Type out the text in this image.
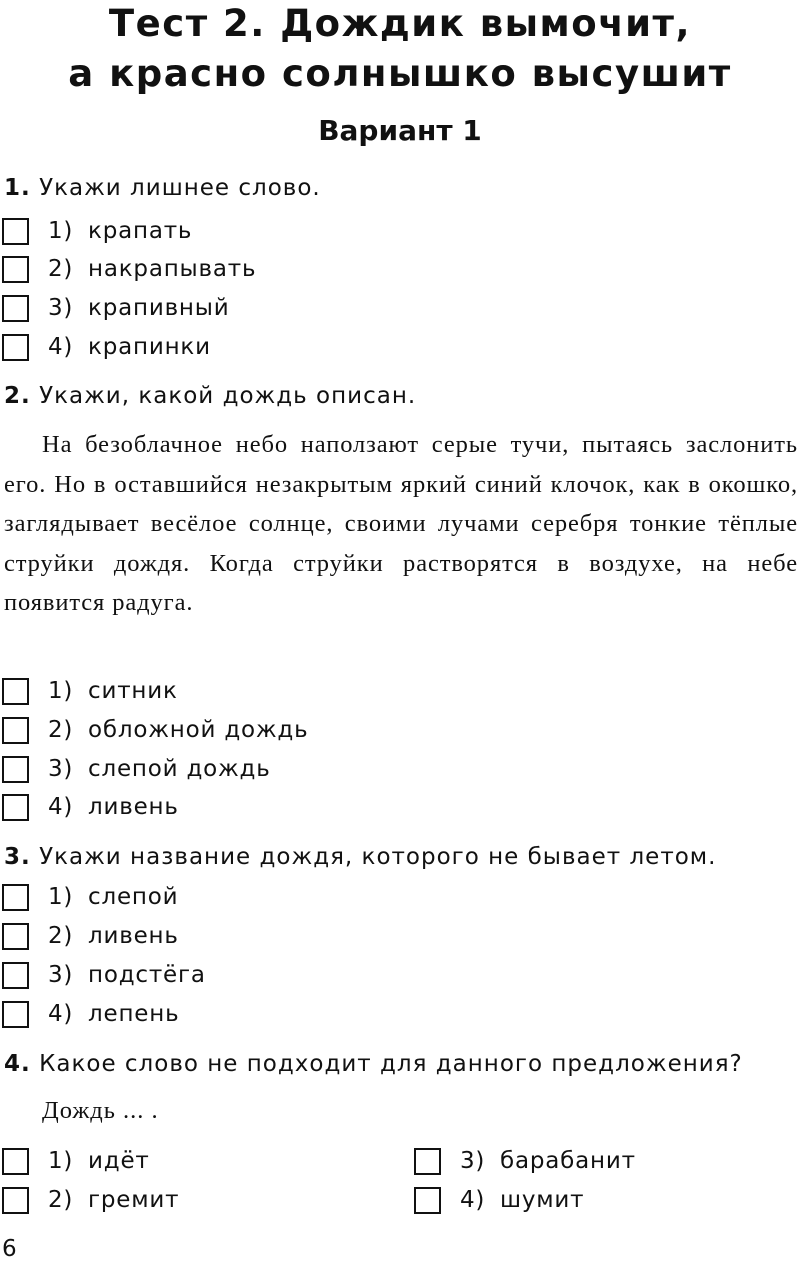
Тест 2. Дождик вымочит,
а красно солнышко высушит
Вариант 1
1. Укажи лишнее слово.
1) крапать
2) накрапывать
3) крапивный
4) крапинки
2. Укажи, какой дождь описан.
На безоблачное небо наползают серые тучи, пытаясь заслонить его. Но в оставшийся незакрытым яркий синий клочок, как в окошко, заглядывает весёлое солнце, своими лучами серебря тонкие тёплые струйки дождя. Когда струйки растворятся в воздухе, на небе появится радуга.
1) ситник
2) обложной дождь
3) слепой дождь
4) ливень
3. Укажи название дождя, которого не бывает летом.
1) слепой
2) ливень
3) подстёга
4) лепень
4. Какое слово не подходит для данного предложения?
Дождь ... .
1) идёт
2) гремит
3) барабанит
4) шумит
6
